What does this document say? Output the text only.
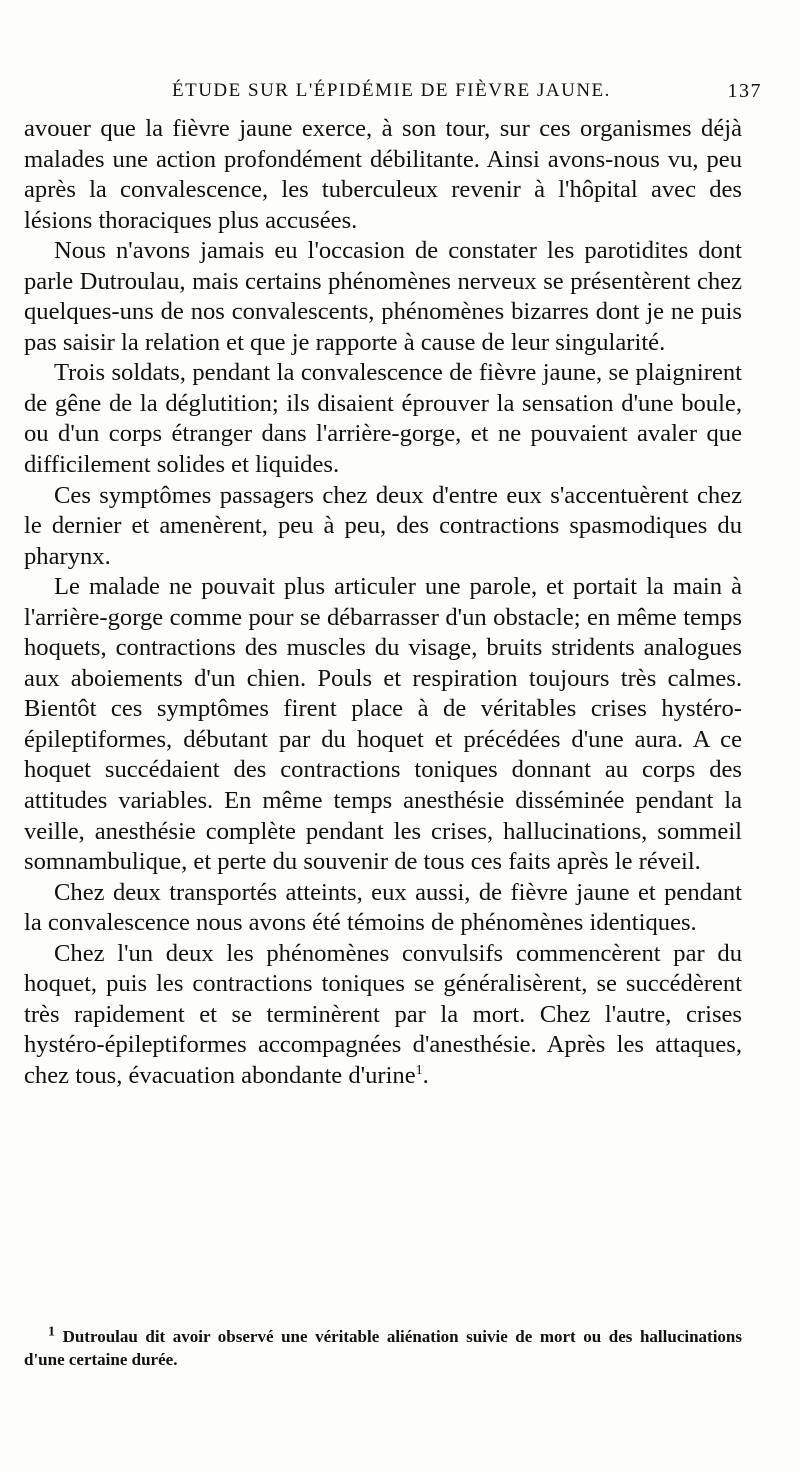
ÉTUDE SUR L'ÉPIDÉMIE DE FIÈVRE JAUNE.	137

avouer que la fièvre jaune exerce, à son tour, sur ces organismes déjà malades une action profondément débilitante. Ainsi avons-nous vu, peu après la convalescence, les tuberculeux revenir à l'hôpital avec des lésions thoraciques plus accusées.

Nous n'avons jamais eu l'occasion de constater les parotidites dont parle Dutroulau, mais certains phénomènes nerveux se présentèrent chez quelques-uns de nos convalescents, phénomènes bizarres dont je ne puis pas saisir la relation et que je rapporte à cause de leur singularité.

Trois soldats, pendant la convalescence de fièvre jaune, se plaignirent de gêne de la déglutition; ils disaient éprouver la sensation d'une boule, ou d'un corps étranger dans l'arrière-gorge, et ne pouvaient avaler que difficilement solides et liquides.

Ces symptômes passagers chez deux d'entre eux s'accentuèrent chez le dernier et amenèrent, peu à peu, des contractions spasmodiques du pharynx.

Le malade ne pouvait plus articuler une parole, et portait la main à l'arrière-gorge comme pour se débarrasser d'un obstacle; en même temps hoquets, contractions des muscles du visage, bruits stridents analogues aux aboiements d'un chien. Pouls et respiration toujours très calmes. Bientôt ces symptômes firent place à de véritables crises hystéro-épileptiformes, débutant par du hoquet et précédées d'une aura. A ce hoquet succédaient des contractions toniques donnant au corps des attitudes variables. En même temps anesthésie disséminée pendant la veille, anesthésie complète pendant les crises, hallucinations, sommeil somnambulique, et perte du souvenir de tous ces faits après le réveil.

Chez deux transportés atteints, eux aussi, de fièvre jaune et pendant la convalescence nous avons été témoins de phénomènes identiques.

Chez l'un deux les phénomènes convulsifs commencèrent par du hoquet, puis les contractions toniques se généralisèrent, se succédèrent très rapidement et se terminèrent par la mort. Chez l'autre, crises hystéro-épileptiformes accompagnées d'anesthésie. Après les attaques, chez tous, évacuation abondante d'urine$^1$.

$^1$ Dutroulau dit avoir observé une véritable aliénation suivie de mort ou des hallucinations d'une certaine durée.
